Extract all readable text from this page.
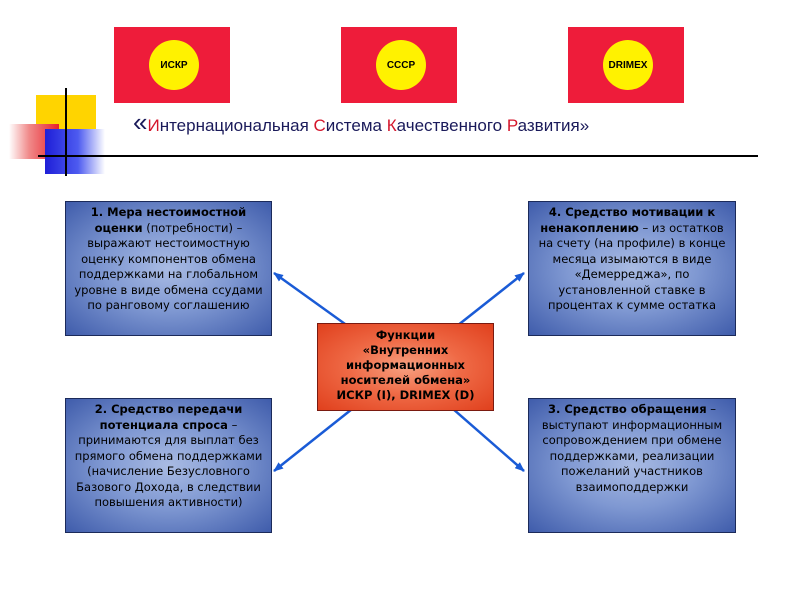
ИСКР	СССР	DRIMEX
«Интернациональная Система Качественного Развития»
1. Мера нестоимостной оценки (потребности) – выражают нестоимостную оценку компонентов обмена поддержками на глобальном уровне в виде обмена ссудами по ранговому соглашению
4. Средство мотивации к ненакоплению – из остатков на счету (на профиле) в конце месяца изымаются в виде «Демерреджа», по установленной ставке в процентах к сумме остатка
2. Средство передачи потенциала спроса – принимаются для выплат без прямого обмена поддержками (начисление Безусловного Базового Дохода, в следствии повышения активности)
3. Средство обращения – выступают информационным сопровождением при обмене поддержками, реализации пожеланий участников взаимоподдержки
Функции
«Внутренних
информационных
носителей обмена»
ИСКР (I), DRIMEX (D)
